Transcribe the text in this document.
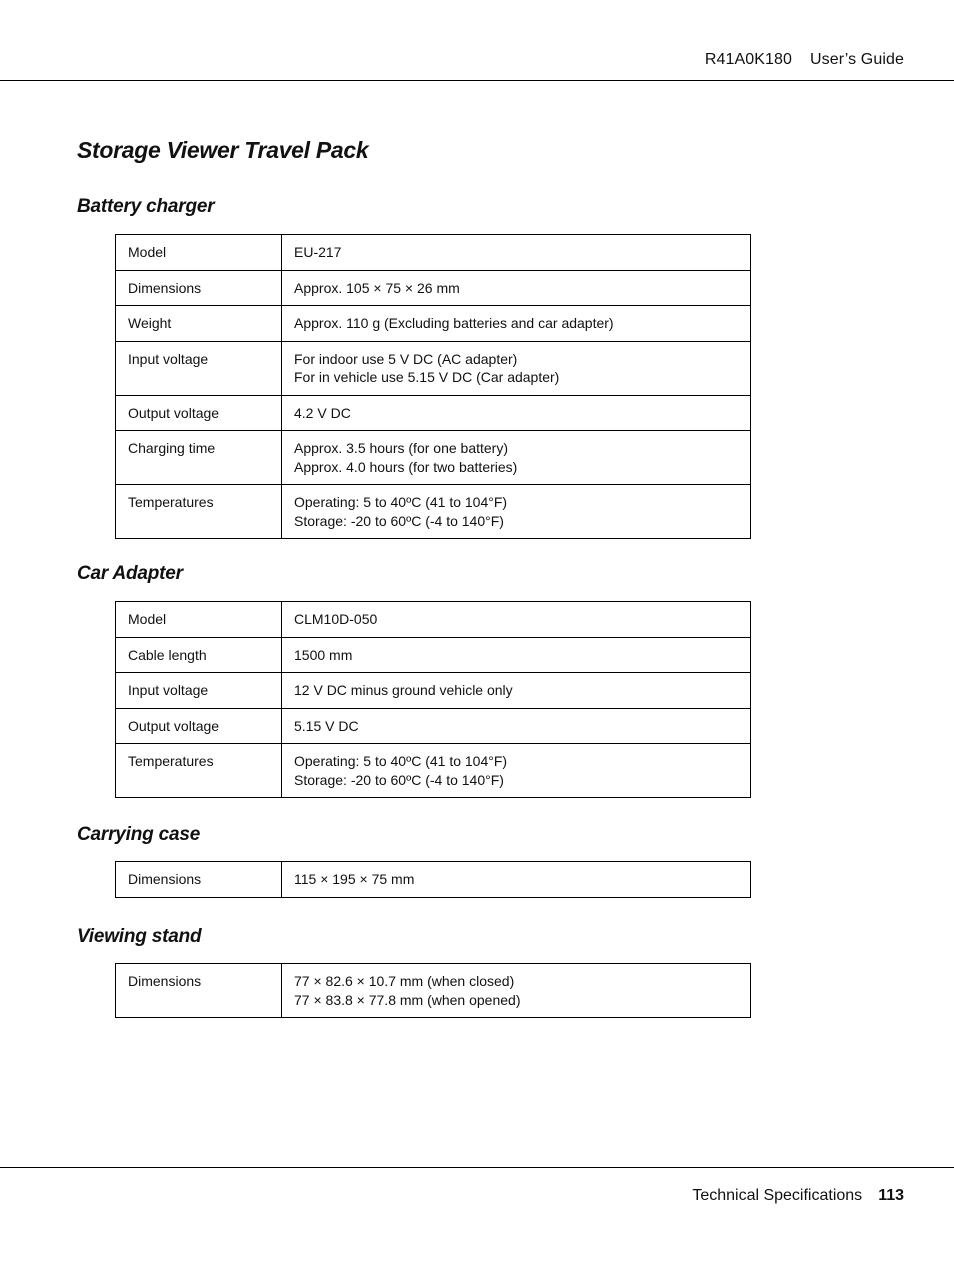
R41A0K180 User’s Guide
Storage Viewer Travel Pack
Battery charger
Model	EU-217

Dimensions	Approx. 105 × 75 × 26 mm

Weight	Approx. 110 g (Excluding batteries and car adapter)

Input voltage	For indoor use 5 V DC (AC adapter)
For in vehicle use 5.15 V DC (Car adapter)

Output voltage	4.2 V DC

Charging time	Approx. 3.5 hours (for one battery)
Approx. 4.0 hours (for two batteries)

Temperatures	Operating: 5 to 40ºC (41 to 104°F)
Storage: -20 to 60ºC (-4 to 140°F)
Car Adapter
Model	CLM10D-050

Cable length	1500 mm

Input voltage	12 V DC minus ground vehicle only

Output voltage	5.15 V DC

Temperatures	Operating: 5 to 40ºC (41 to 104°F)
Storage: -20 to 60ºC (-4 to 140°F)
Carrying case
Dimensions	115 × 195 × 75 mm
Viewing stand
Dimensions	77 × 82.6 × 10.7 mm (when closed)
77 × 83.8 × 77.8 mm (when opened)
Technical Specifications 113
